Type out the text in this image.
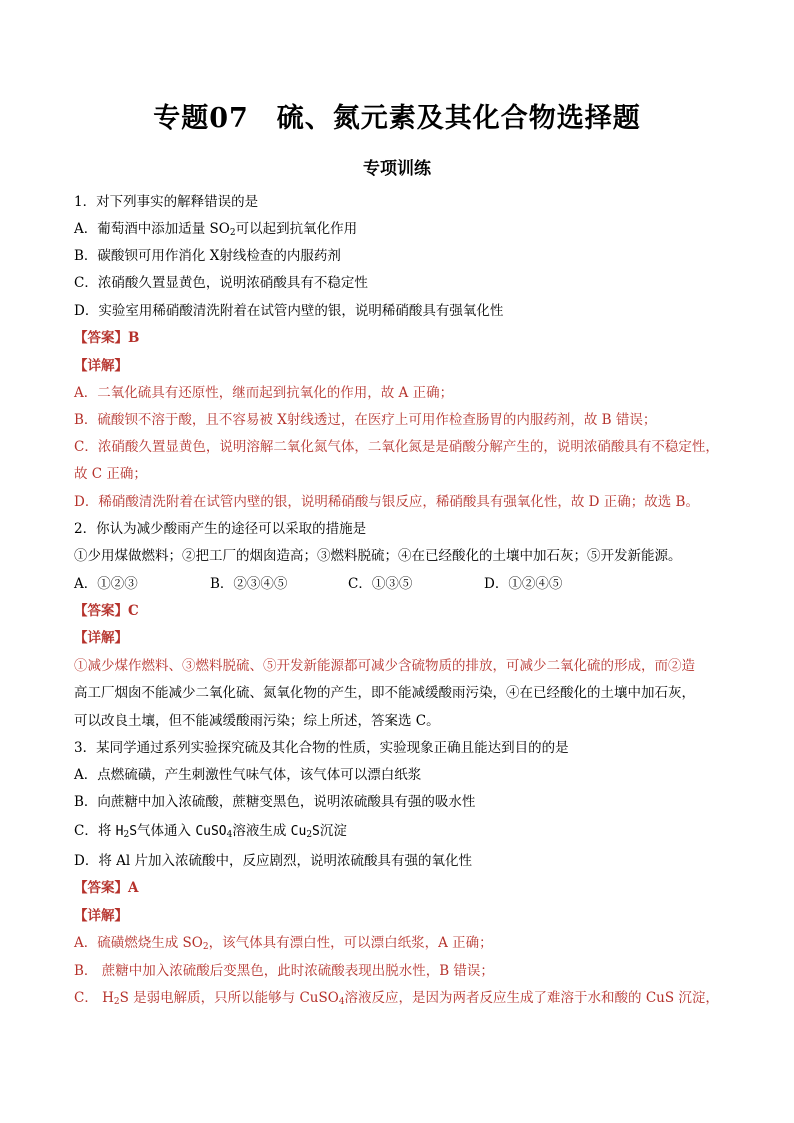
专题07　硫、氮元素及其化合物选择题
专项训练
1．对下列事实的解释错误的是
A．葡萄酒中添加适量 $SO_2$可以起到抗氧化作用
B．碳酸钡可用作消化 X射线检查的内服药剂
C．浓硝酸久置显黄色，说明浓硝酸具有不稳定性
D．实验室用稀硝酸清洗附着在试管内壁的银，说明稀硝酸具有强氧化性
【答案】B
【详解】
A．二氧化硫具有还原性，继而起到抗氧化的作用，故 A 正确；
B．硫酸钡不溶于酸，且不容易被 X射线透过，在医疗上可用作检查肠胃的内服药剂，故 B 错误；
C．浓硝酸久置显黄色，说明溶解二氧化氮气体，二氧化氮是是硝酸分解产生的，说明浓硝酸具有不稳定性，
故 C 正确；
D．稀硝酸清洗附着在试管内壁的银，说明稀硝酸与银反应，稀硝酸具有强氧化性，故 D 正确；故选 B。
2．你认为减少酸雨产生的途径可以采取的措施是
①少用煤做燃料；②把工厂的烟囱造高；③燃料脱硫；④在已经酸化的土壤中加石灰；⑤开发新能源。
A．①②③	B．②③④⑤	C．①③⑤	D．①②④⑤
【答案】C
【详解】
①减少煤作燃料、③燃料脱硫、⑤开发新能源都可减少含硫物质的排放，可减少二氧化硫的形成，而②造
高工厂烟囱不能减少二氧化硫、氮氧化物的产生，即不能减缓酸雨污染，④在已经酸化的土壤中加石灰，
可以改良土壤，但不能减缓酸雨污染；综上所述，答案选 C。
3．某同学通过系列实验探究硫及其化合物的性质，实验现象正确且能达到目的的是
A．点燃硫磺，产生刺激性气味气体，该气体可以漂白纸浆
B．向蔗糖中加入浓硫酸，蔗糖变黑色，说明浓硫酸具有强的吸水性
C．将 $H_2S$气体通入 CuSO$_4$溶液生成 $Cu_2S$沉淀
D．将 Al 片加入浓硫酸中，反应剧烈，说明浓硫酸具有强的氧化性
【答案】A
【详解】
A．硫磺燃烧生成 $SO_2$，该气体具有漂白性，可以漂白纸浆，A 正确；
B． 蔗糖中加入浓硫酸后变黑色，此时浓硫酸表现出脱水性，B 错误；
C． $H_2S$ 是弱电解质，只所以能够与 CuSO$_4$溶液反应，是因为两者反应生成了难溶于水和酸的 CuS 沉淀，
